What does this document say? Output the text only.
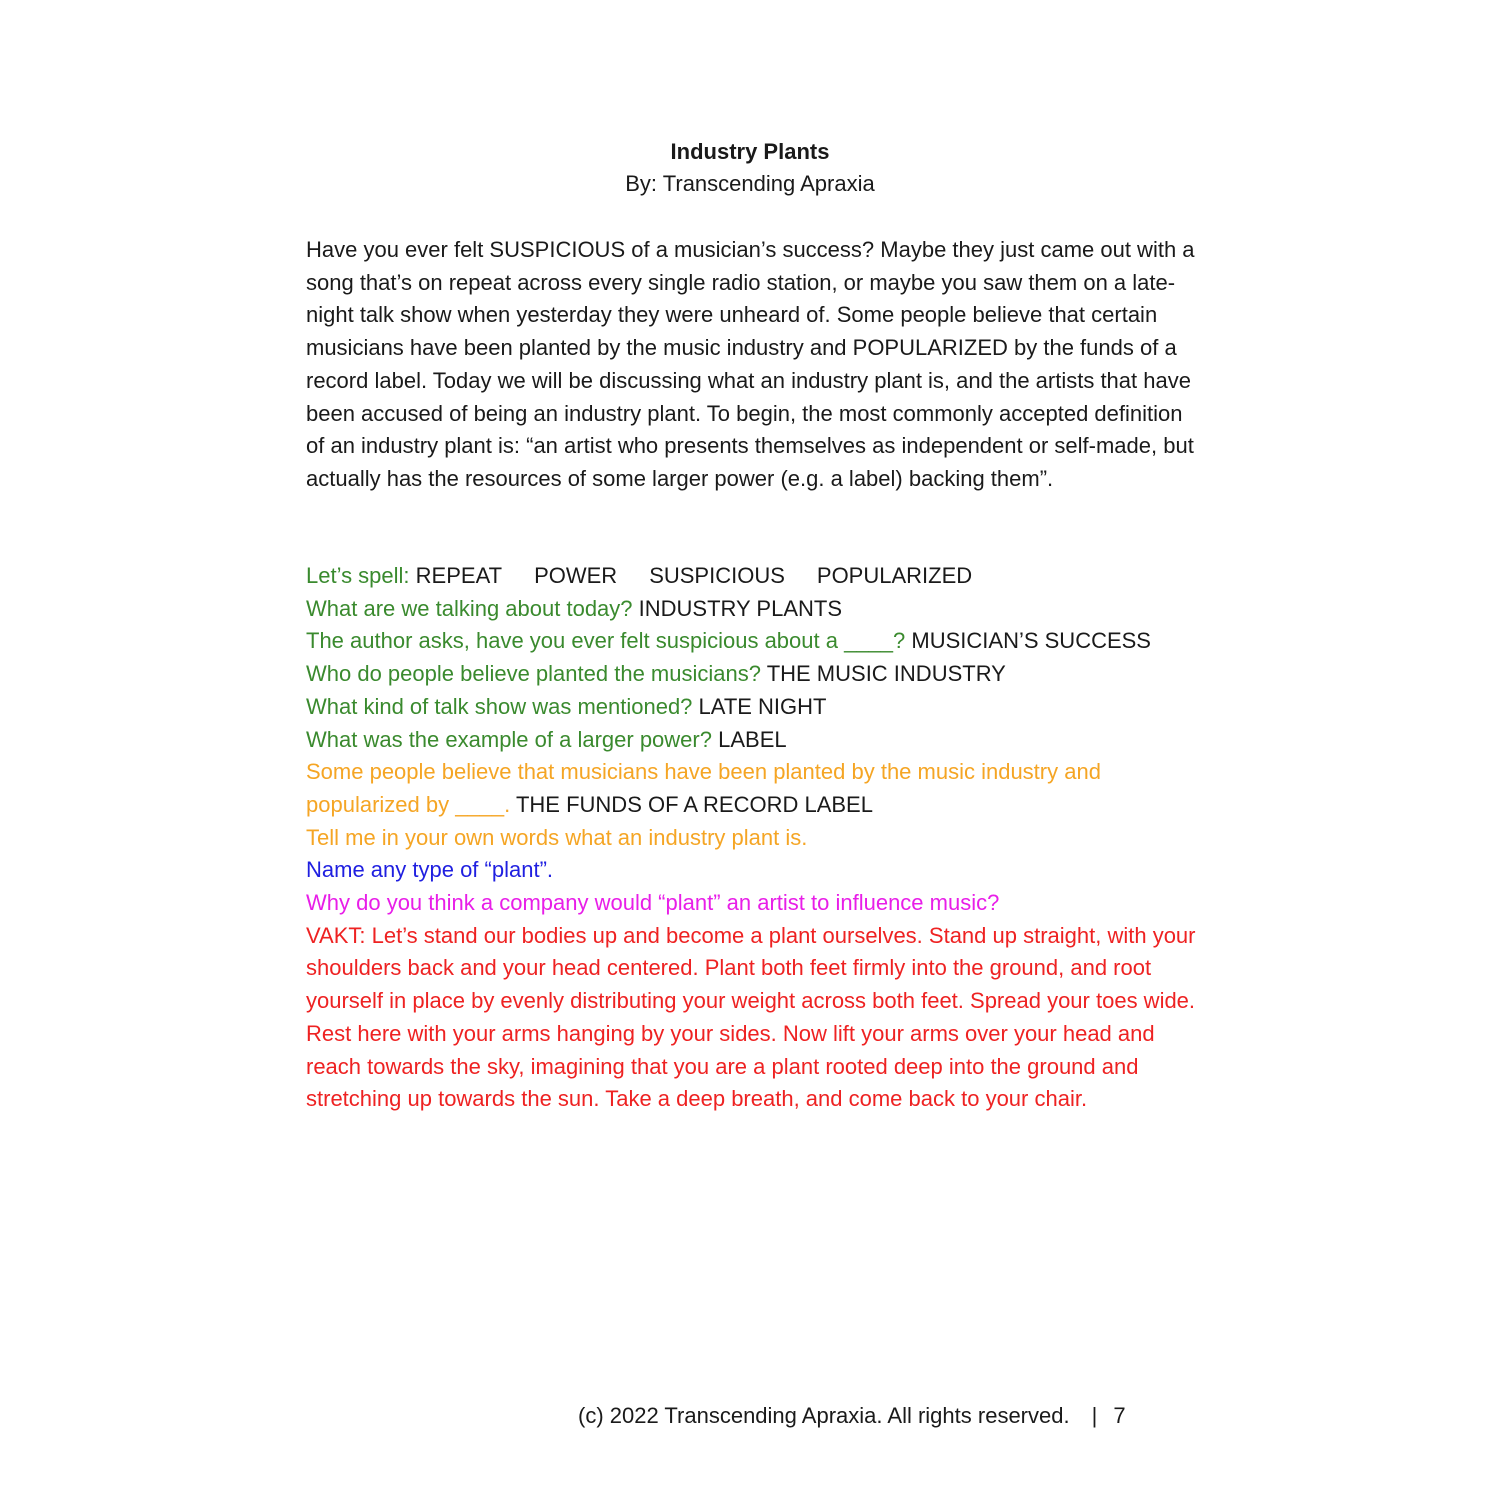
Industry Plants
By: Transcending Apraxia

Have you ever felt SUSPICIOUS of a musician’s success? Maybe they just came out with a song that’s on repeat across every single radio station, or maybe you saw them on a late-night talk show when yesterday they were unheard of. Some people believe that certain musicians have been planted by the music industry and POPULARIZED by the funds of a record label. Today we will be discussing what an industry plant is, and the artists that have been accused of being an industry plant. To begin, the most commonly accepted definition of an industry plant is: “an artist who presents themselves as independent or self-made, but actually has the resources of some larger power (e.g. a label) backing them”.

Let’s spell: REPEAT POWER SUSPICIOUS POPULARIZED
What are we talking about today? INDUSTRY PLANTS
The author asks, have you ever felt suspicious about a ____? MUSICIAN’S SUCCESS
Who do people believe planted the musicians? THE MUSIC INDUSTRY
What kind of talk show was mentioned? LATE NIGHT
What was the example of a larger power? LABEL
Some people believe that musicians have been planted by the music industry and popularized by ____. THE FUNDS OF A RECORD LABEL
Tell me in your own words what an industry plant is.
Name any type of “plant”.
Why do you think a company would “plant” an artist to influence music?
VAKT: Let’s stand our bodies up and become a plant ourselves. Stand up straight, with your shoulders back and your head centered. Plant both feet firmly into the ground, and root yourself in place by evenly distributing your weight across both feet. Spread your toes wide. Rest here with your arms hanging by your sides. Now lift your arms over your head and reach towards the sky, imagining that you are a plant rooted deep into the ground and stretching up towards the sun. Take a deep breath, and come back to your chair.
(c) 2022 Transcending Apraxia. All rights reserved. | 7
